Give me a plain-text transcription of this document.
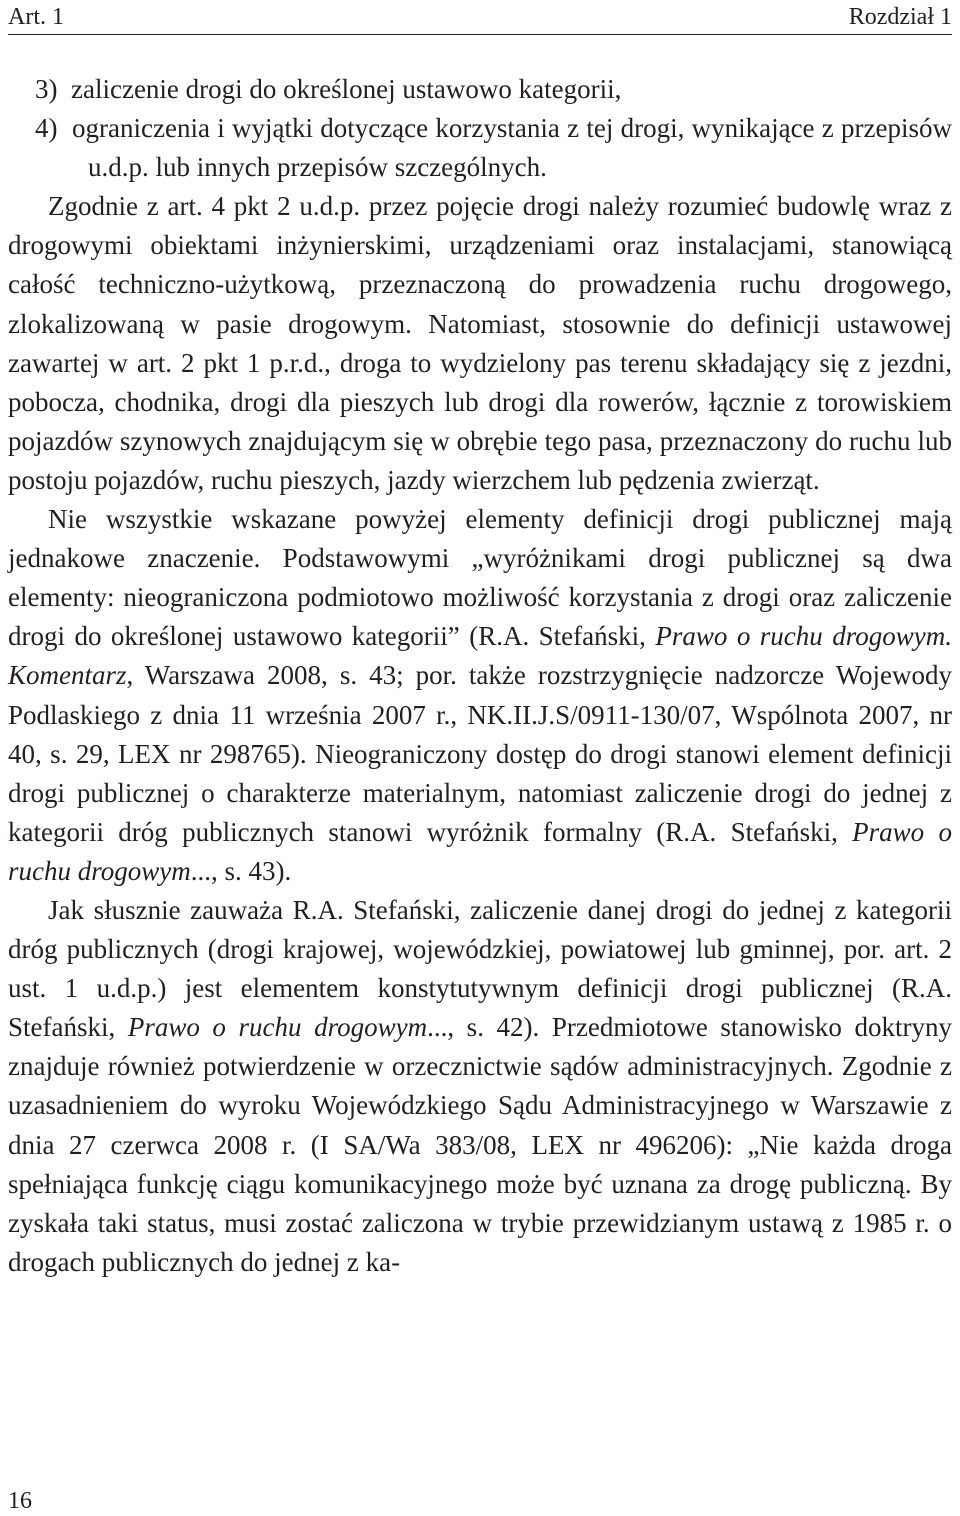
Art. 1	Rozdział 1

3) zaliczenie drogi do określonej ustawowo kategorii,

4) ograniczenia i wyjątki dotyczące korzystania z tej drogi, wynikające z przepisów u.d.p. lub innych przepisów szczególnych.

Zgodnie z art. 4 pkt 2 u.d.p. przez pojęcie drogi należy rozumieć budowlę wraz z drogowymi obiektami inżynierskimi, urządzeniami oraz instalacjami, stanowiącą całość techniczno-użytkową, przeznaczoną do prowadzenia ruchu drogowego, zlokalizowaną w pasie drogowym. Natomiast, stosownie do definicji ustawowej zawartej w art. 2 pkt 1 p.r.d., droga to wydzielony pas terenu składający się z jezdni, pobocza, chodnika, drogi dla pieszych lub drogi dla rowerów, łącznie z torowiskiem pojazdów szynowych znajdującym się w obrębie tego pasa, przeznaczony do ruchu lub postoju pojazdów, ruchu pieszych, jazdy wierzchem lub pędzenia zwierząt.

Nie wszystkie wskazane powyżej elementy definicji drogi publicznej mają jednakowe znaczenie. Podstawowymi „wyróżnikami drogi publicznej są dwa elementy: nieograniczona podmiotowo możliwość korzystania z drogi oraz zaliczenie drogi do określonej ustawowo kategorii” (R.A. Stefański, Prawo o ruchu drogowym. Komentarz, Warszawa 2008, s. 43; por. także rozstrzygnięcie nadzorcze Wojewody Podlaskiego z dnia 11 września 2007 r., NK.II.J.S/0911-130/07, Wspólnota 2007, nr 40, s. 29, LEX nr 298765). Nieograniczony dostęp do drogi stanowi element definicji drogi publicznej o charakterze materialnym, natomiast zaliczenie drogi do jednej z kategorii dróg publicznych stanowi wyróżnik formalny (R.A. Stefański, Prawo o ruchu drogowym..., s. 43).

Jak słusznie zauważa R.A. Stefański, zaliczenie danej drogi do jednej z kategorii dróg publicznych (drogi krajowej, wojewódzkiej, powiatowej lub gminnej, por. art. 2 ust. 1 u.d.p.) jest elementem konstytutywnym definicji drogi publicznej (R.A. Stefański, Prawo o ruchu drogowym..., s. 42). Przedmiotowe stanowisko doktryny znajduje również potwierdzenie w orzecznictwie sądów administracyjnych. Zgodnie z uzasadnieniem do wyroku Wojewódzkiego Sądu Administracyjnego w Warszawie z dnia 27 czerwca 2008 r. (I SA/Wa 383/08, LEX nr 496206): „Nie każda droga spełniająca funkcję ciągu komunikacyjnego może być uznana za drogę publiczną. By zyskała taki status, musi zostać zaliczona w trybie przewidzianym ustawą z 1985 r. o drogach publicznych do jednej z ka-

16
